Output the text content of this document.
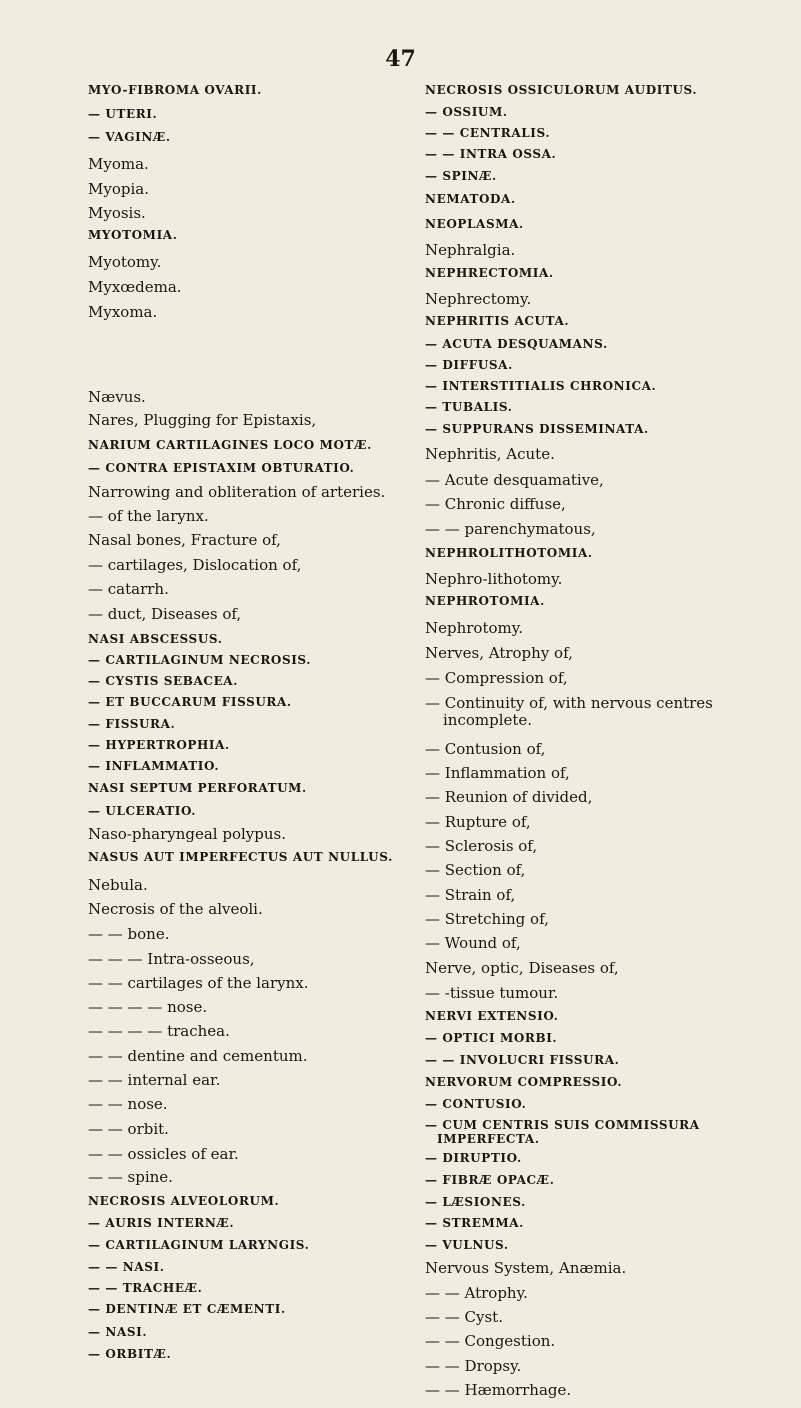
47
MYO-FIBROMA OVARII.
— UTERI.
— VAGINÆ.
Myoma.
Myopia.
Myosis.
MYOTOMIA.
Myotomy.
Myxœdema.
Myxoma.
Nævus.
Nares, Plugging for Epistaxis,
NARIUM CARTILAGINES LOCO MOTÆ.
— CONTRA EPISTAXIM OBTURATIO.
Narrowing and obliteration of arteries.
— of the larynx.
Nasal bones, Fracture of,
— cartilages, Dislocation of,
— catarrh.
— duct, Diseases of,
NASI ABSCESSUS.
— CARTILAGINUM NECROSIS.
— CYSTIS SEBACEA.
— ET BUCCARUM FISSURA.
— FISSURA.
— HYPERTROPHIA.
— INFLAMMATIO.
NASI SEPTUM PERFORATUM.
— ULCERATIO.
Naso-pharyngeal polypus.
NASUS AUT IMPERFECTUS AUT NULLUS.
Nebula.
Necrosis of the alveoli.
— — bone.
— — — Intra-osseous,
— — cartilages of the larynx.
— — — — nose.
— — — — trachea.
— — dentine and cementum.
— — internal ear.
— — nose.
— — orbit.
— — ossicles of ear.
— — spine.
NECROSIS ALVEOLORUM.
— AURIS INTERNÆ.
— CARTILAGINUM LARYNGIS.
— — NASI.
— — TRACHEÆ.
— DENTINÆ ET CÆMENTI.
— NASI.
— ORBITÆ.
NECROSIS OSSICULORUM AUDITUS.
— OSSIUM.
— — CENTRALIS.
— — INTRA OSSA.
— SPINÆ.
NEMATODA.
NEOPLASMA.
Nephralgia.
NEPHRECTOMIA.
Nephrectomy.
NEPHRITIS ACUTA.
— ACUTA DESQUAMANS.
— DIFFUSA.
— INTERSTITIALIS CHRONICA.
— TUBALIS.
— SUPPURANS DISSEMINATA.
Nephritis, Acute.
— Acute desquamative,
— Chronic diffuse,
— — parenchymatous,
NEPHROLITHOTOMIA.
Nephro-lithotomy.
NEPHROTOMIA.
Nephrotomy.
Nerves, Atrophy of,
— Compression of,
— Continuity of, with nervous centres
incomplete.
— Contusion of,
— Inflammation of,
— Reunion of divided,
— Rupture of,
— Sclerosis of,
— Section of,
— Strain of,
— Stretching of,
— Wound of,
Nerve, optic, Diseases of,
— -tissue tumour.
NERVI EXTENSIO.
— OPTICI MORBI.
— — INVOLUCRI FISSURA.
NERVORUM COMPRESSIO.
— CONTUSIO.
— CUM CENTRIS SUIS COMMISSURA
IMPERFECTA.
— DIRUPTIO.
— FIBRÆ OPACÆ.
— LÆSIONES.
— STREMMA.
— VULNUS.
Nervous System, Anæmia.
— — Atrophy.
— — Cyst.
— — Congestion.
— — Dropsy.
— — Hæmorrhage.
